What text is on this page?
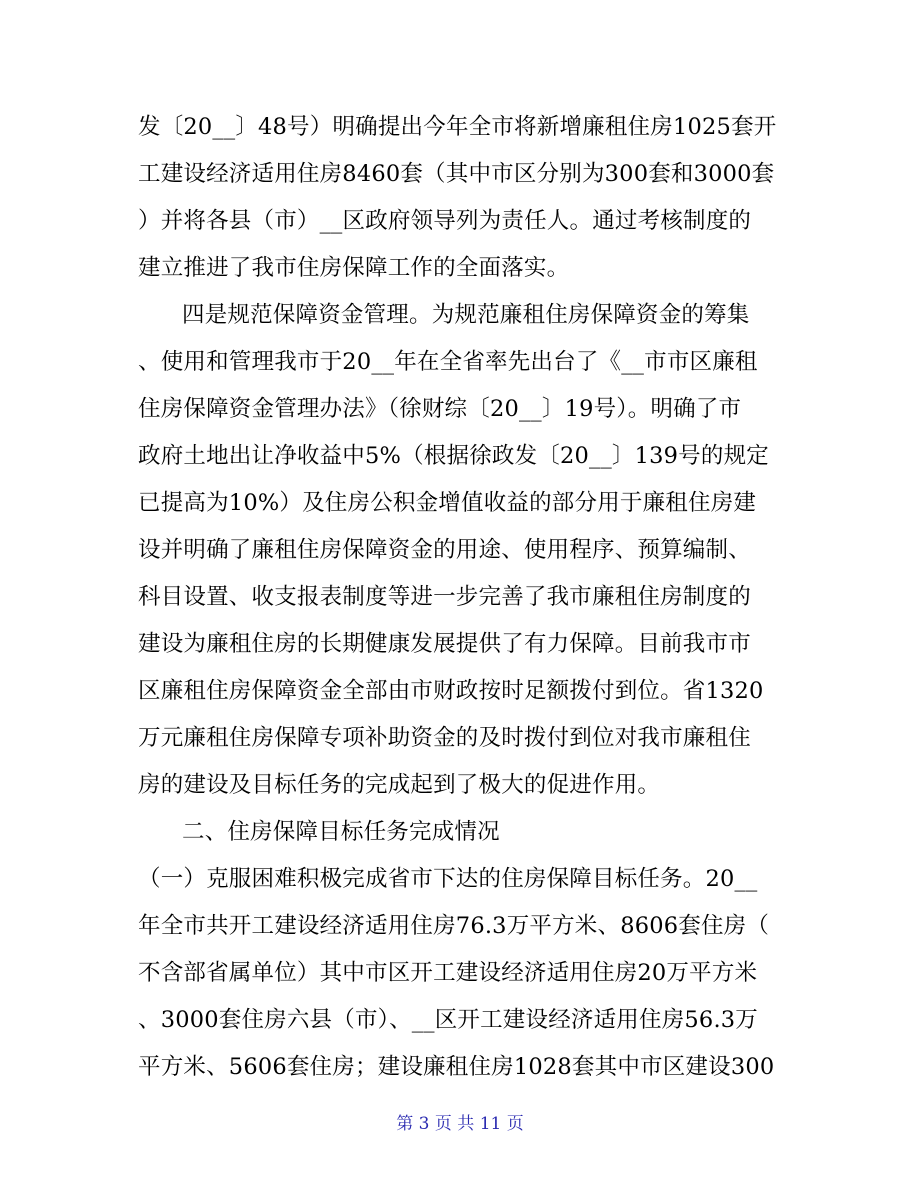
发〔20__〕48号）明确提出今年全市将新增廉租住房1025套开
工建设经济适用住房8460套（其中市区分别为300套和3000套
）并将各县（市）__区政府领导列为责任人。通过考核制度的
建立推进了我市住房保障工作的全面落实。
四是规范保障资金管理。为规范廉租住房保障资金的筹集
、使用和管理我市于20__年在全省率先出台了《__市市区廉租
住房保障资金管理办法》（徐财综〔20__〕19号）。明确了市
政府土地出让净收益中5%（根据徐政发〔20__〕139号的规定
已提高为10%）及住房公积金增值收益的部分用于廉租住房建
设并明确了廉租住房保障资金的用途、使用程序、预算编制、
科目设置、收支报表制度等进一步完善了我市廉租住房制度的
建设为廉租住房的长期健康发展提供了有力保障。目前我市市
区廉租住房保障资金全部由市财政按时足额拨付到位。省1320
万元廉租住房保障专项补助资金的及时拨付到位对我市廉租住
房的建设及目标任务的完成起到了极大的促进作用。
二、住房保障目标任务完成情况
（一）克服困难积极完成省市下达的住房保障目标任务。20__
年全市共开工建设经济适用住房76.3万平方米、8606套住房（
不含部省属单位）其中市区开工建设经济适用住房20万平方米
、3000套住房六县（市）、__区开工建设经济适用住房56.3万
平方米、5606套住房；建设廉租住房1028套其中市区建设300
第 3 页 共 11 页
